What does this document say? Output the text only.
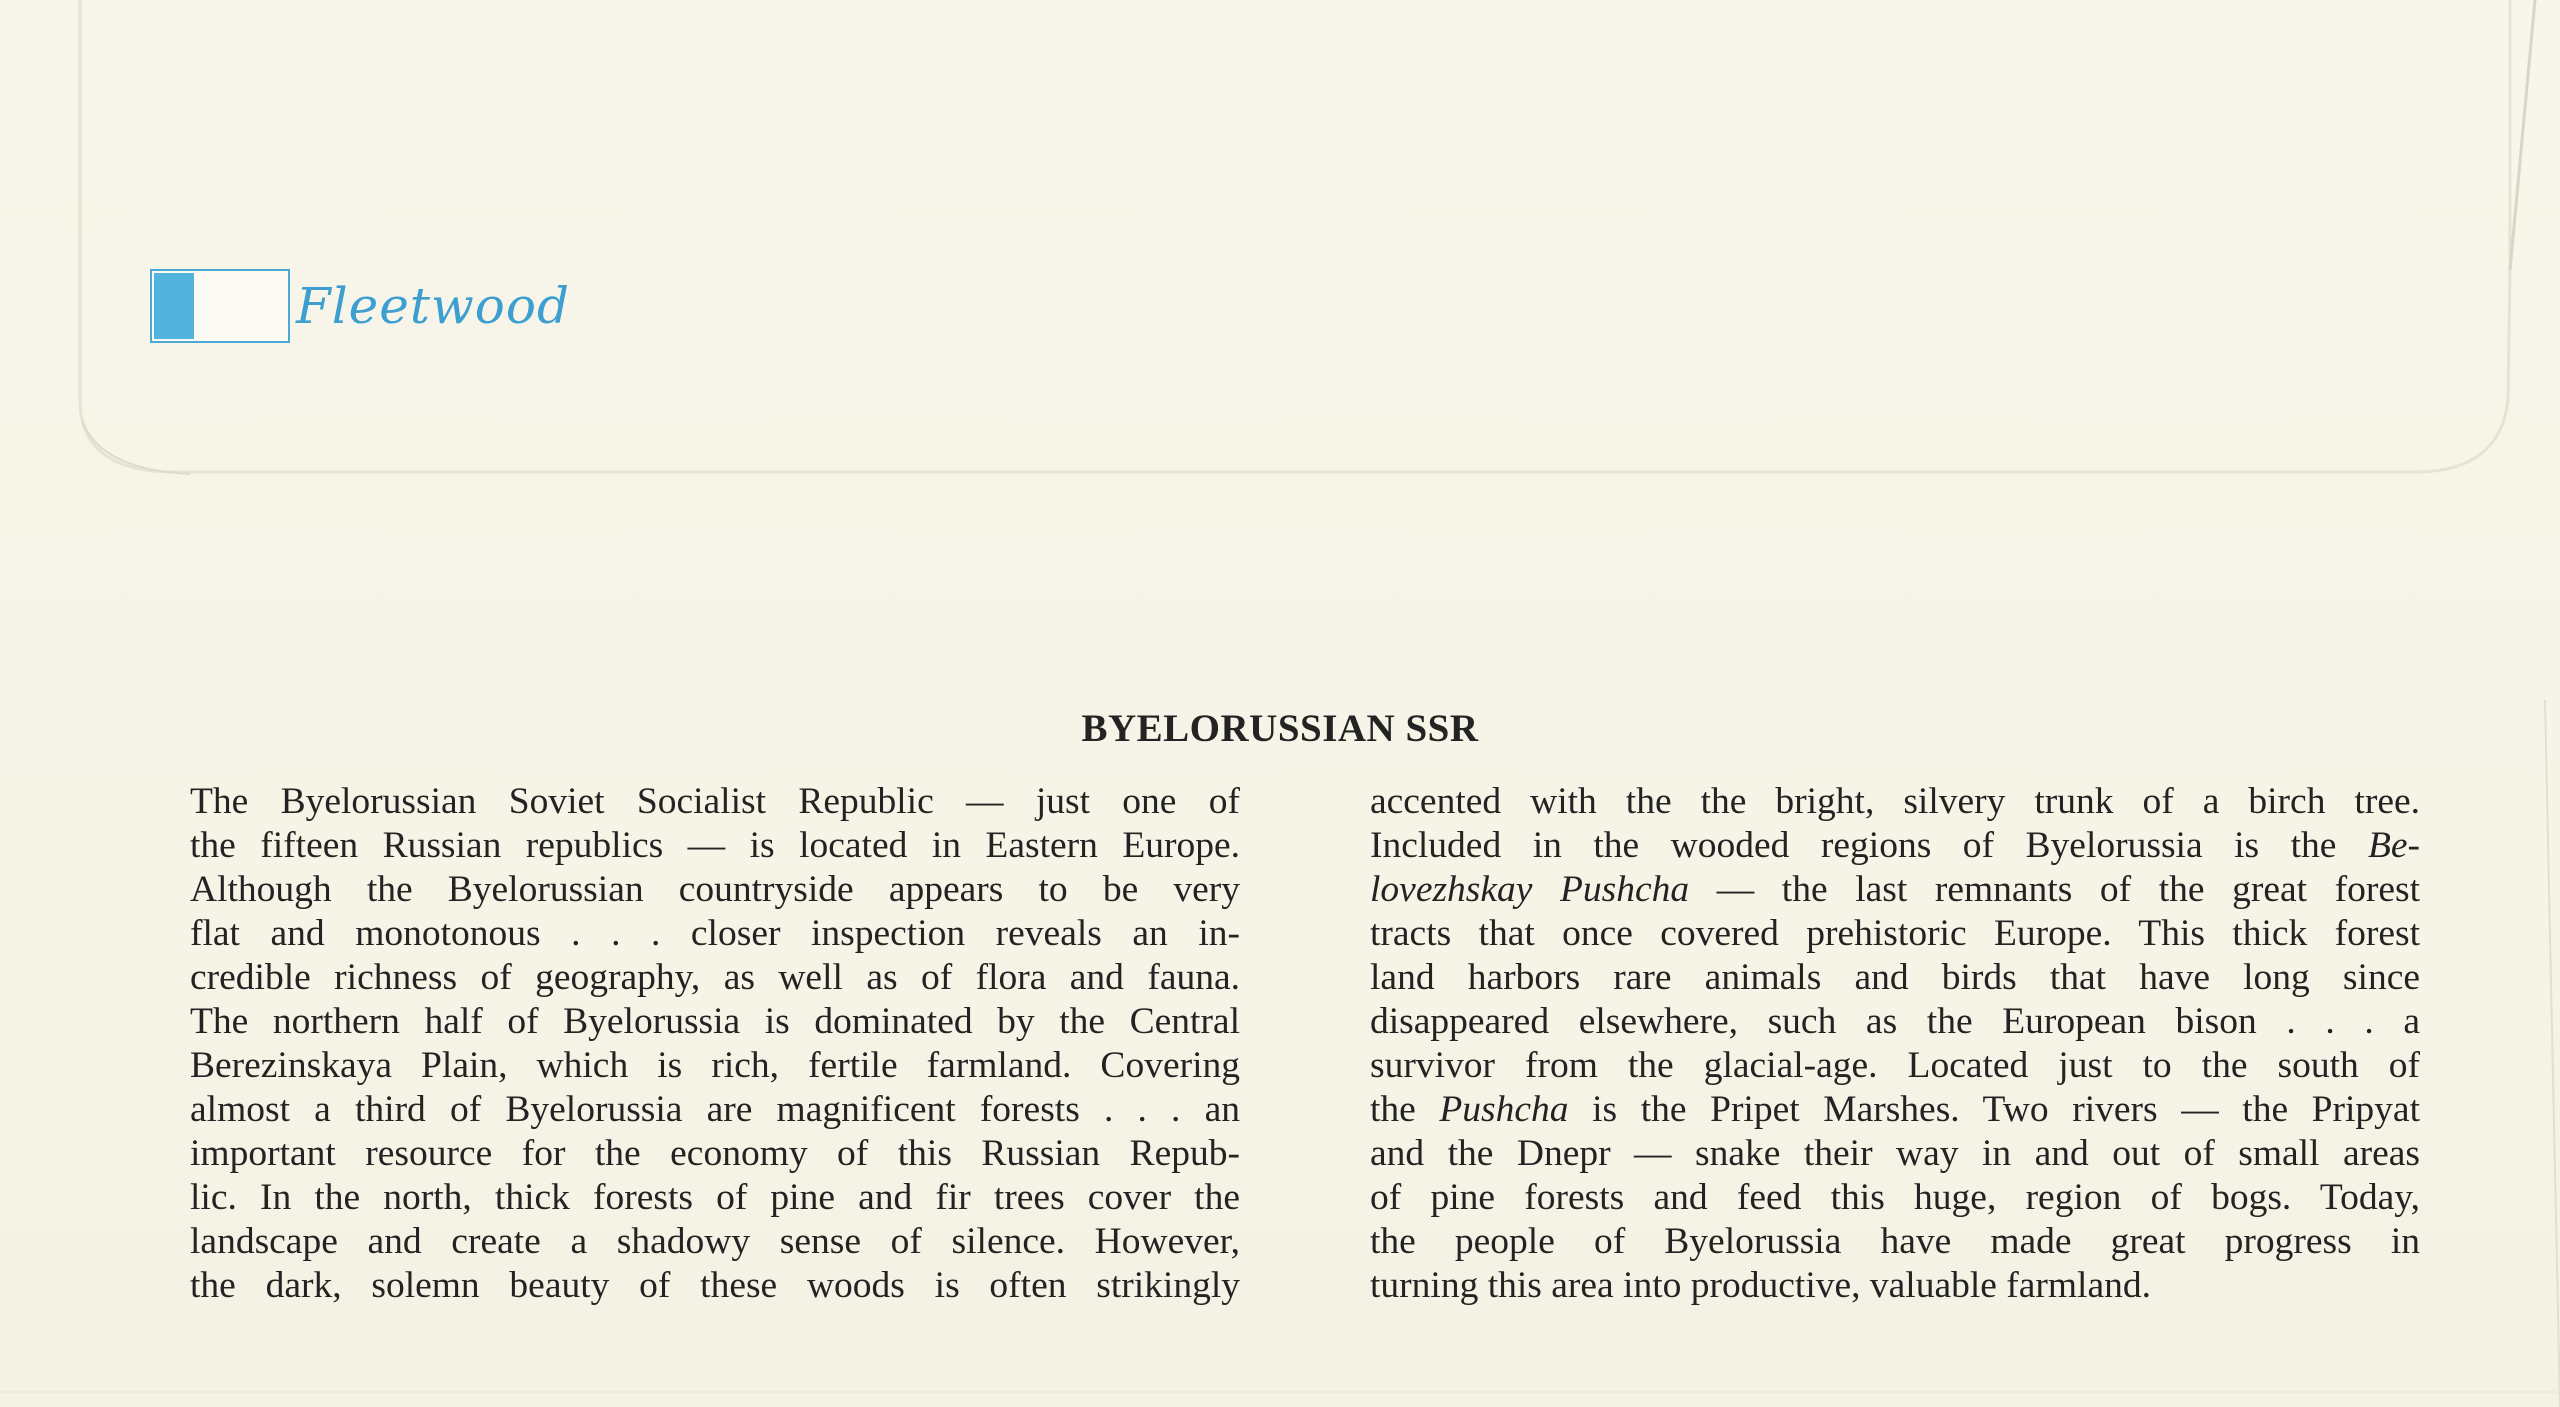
Fleetwood
BYELORUSSIAN SSR
The Byelorussian Soviet Socialist Republic — just one of
the fifteen Russian republics — is located in Eastern Europe.
Although the Byelorussian countryside appears to be very
flat and monotonous . . . closer inspection reveals an in-
credible richness of geography, as well as of flora and fauna.
The northern half of Byelorussia is dominated by the Central
Berezinskaya Plain, which is rich, fertile farmland. Covering
almost a third of Byelorussia are magnificent forests . . . an
important resource for the economy of this Russian Repub-
lic. In the north, thick forests of pine and fir trees cover the
landscape and create a shadowy sense of silence. However,
the dark, solemn beauty of these woods is often strikingly
accented with the the bright, silvery trunk of a birch tree.
Included in the wooded regions of Byelorussia is the Be-
lovezhskay Pushcha — the last remnants of the great forest
tracts that once covered prehistoric Europe. This thick forest
land harbors rare animals and birds that have long since
disappeared elsewhere, such as the European bison . . . a
survivor from the glacial-age. Located just to the south of
the Pushcha is the Pripet Marshes. Two rivers — the Pripyat
and the Dnepr — snake their way in and out of small areas
of pine forests and feed this huge, region of bogs. Today,
the people of Byelorussia have made great progress in
turning this area into productive, valuable farmland.
